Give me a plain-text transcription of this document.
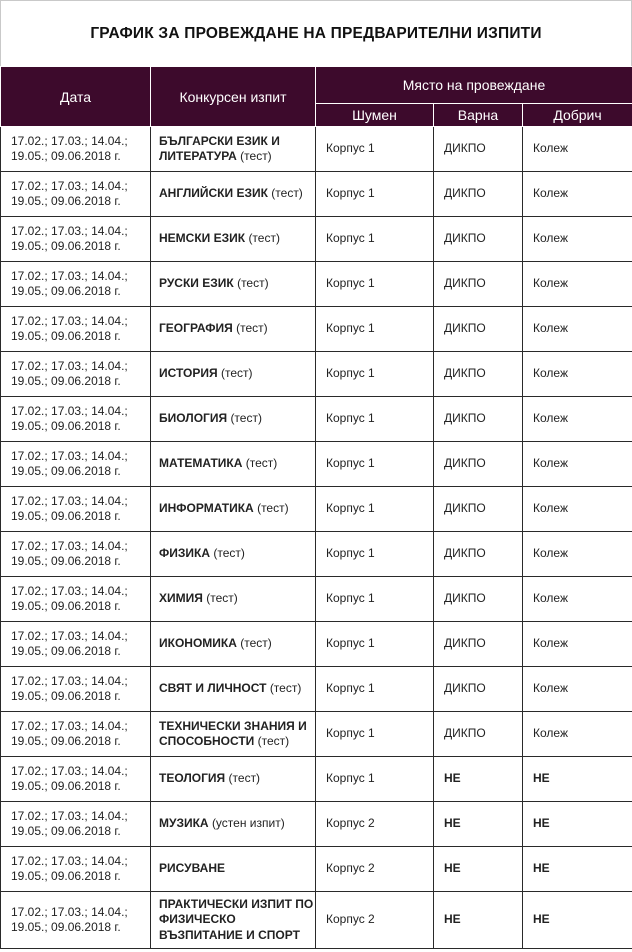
ГРАФИК ЗА ПРОВЕЖДАНЕ НА ПРЕДВАРИТЕЛНИ ИЗПИТИ
Дата	Конкурсен изпит	Място на провеждане		
		Шумен	Варна	Добрич
17.02.; 17.03.; 14.04.; 19.05.; 09.06.2018 г.	БЪЛГАРСКИ ЕЗИК И ЛИТЕРАТУРА (тест)	Корпус 1	ДИКПО	Колеж
17.02.; 17.03.; 14.04.; 19.05.; 09.06.2018 г.	АНГЛИЙСКИ ЕЗИК (тест)	Корпус 1	ДИКПО	Колеж
17.02.; 17.03.; 14.04.; 19.05.; 09.06.2018 г.	НЕМСКИ ЕЗИК (тест)	Корпус 1	ДИКПО	Колеж
17.02.; 17.03.; 14.04.; 19.05.; 09.06.2018 г.	РУСКИ ЕЗИК (тест)	Корпус 1	ДИКПО	Колеж
17.02.; 17.03.; 14.04.; 19.05.; 09.06.2018 г.	ГЕОГРАФИЯ (тест)	Корпус 1	ДИКПО	Колеж
17.02.; 17.03.; 14.04.; 19.05.; 09.06.2018 г.	ИСТОРИЯ (тест)	Корпус 1	ДИКПО	Колеж
17.02.; 17.03.; 14.04.; 19.05.; 09.06.2018 г.	БИОЛОГИЯ (тест)	Корпус 1	ДИКПО	Колеж
17.02.; 17.03.; 14.04.; 19.05.; 09.06.2018 г.	МАТЕМАТИКА (тест)	Корпус 1	ДИКПО	Колеж
17.02.; 17.03.; 14.04.; 19.05.; 09.06.2018 г.	ИНФОРМАТИКА (тест)	Корпус 1	ДИКПО	Колеж
17.02.; 17.03.; 14.04.; 19.05.; 09.06.2018 г.	ФИЗИКА (тест)	Корпус 1	ДИКПО	Колеж
17.02.; 17.03.; 14.04.; 19.05.; 09.06.2018 г.	ХИМИЯ (тест)	Корпус 1	ДИКПО	Колеж
17.02.; 17.03.; 14.04.; 19.05.; 09.06.2018 г.	ИКОНОМИКА (тест)	Корпус 1	ДИКПО	Колеж
17.02.; 17.03.; 14.04.; 19.05.; 09.06.2018 г.	СВЯТ И ЛИЧНОСТ (тест)	Корпус 1	ДИКПО	Колеж
17.02.; 17.03.; 14.04.; 19.05.; 09.06.2018 г.	ТЕХНИЧЕСКИ ЗНАНИЯ И СПОСОБНОСТИ (тест)	Корпус 1	ДИКПО	Колеж
17.02.; 17.03.; 14.04.; 19.05.; 09.06.2018 г.	ТЕОЛОГИЯ (тест)	Корпус 1	НЕ	НЕ
17.02.; 17.03.; 14.04.; 19.05.; 09.06.2018 г.	МУЗИКА (устен изпит)	Корпус 2	НЕ	НЕ
17.02.; 17.03.; 14.04.; 19.05.; 09.06.2018 г.	РИСУВАНЕ	Корпус 2	НЕ	НЕ
17.02.; 17.03.; 14.04.; 19.05.; 09.06.2018 г.	ПРАКТИЧЕСКИ ИЗПИТ ПО ФИЗИЧЕСКО ВЪЗПИТАНИЕ И СПОРТ	Корпус 2	НЕ	НЕ
